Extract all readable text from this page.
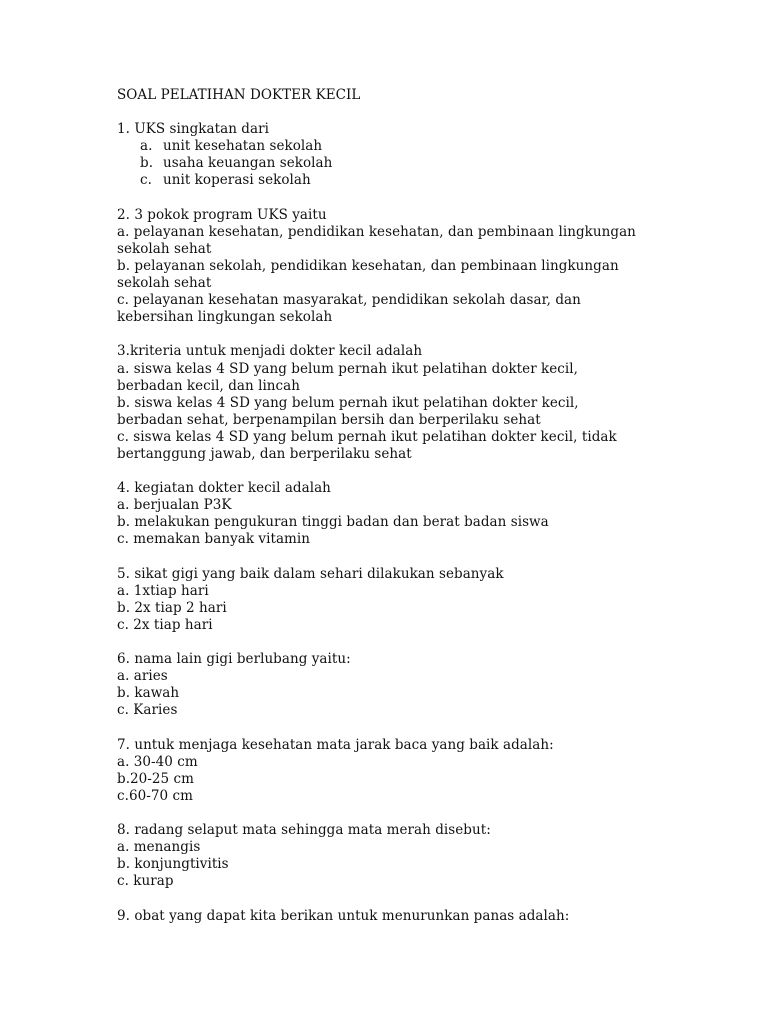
SOAL PELATIHAN DOKTER KECIL
1. UKS singkatan dari
a. unit kesehatan sekolah
b. usaha keuangan sekolah
c. unit koperasi sekolah
2. 3 pokok program UKS yaitu
a. pelayanan kesehatan, pendidikan kesehatan, dan pembinaan lingkungan sekolah sehat
b. pelayanan sekolah, pendidikan kesehatan, dan pembinaan lingkungan sekolah sehat
c. pelayanan kesehatan masyarakat, pendidikan sekolah dasar, dan kebersihan lingkungan sekolah
3.kriteria untuk menjadi dokter kecil adalah
a. siswa kelas 4 SD yang belum pernah ikut pelatihan dokter kecil, berbadan kecil, dan lincah
b. siswa kelas 4 SD yang belum pernah ikut pelatihan dokter kecil, berbadan sehat, berpenampilan bersih dan berperilaku sehat
c. siswa kelas 4 SD yang belum pernah ikut pelatihan dokter kecil, tidak bertanggung jawab, dan berperilaku sehat
4. kegiatan dokter kecil adalah
a. berjualan P3K
b. melakukan pengukuran tinggi badan dan berat badan siswa
c. memakan banyak vitamin
5. sikat gigi yang baik dalam sehari dilakukan sebanyak
a. 1xtiap hari
b. 2x tiap 2 hari
c. 2x tiap hari
6. nama lain gigi berlubang yaitu:
a. aries
b. kawah
c. Karies
7. untuk menjaga kesehatan mata jarak baca yang baik adalah:
a. 30-40 cm
b.20-25 cm
c.60-70 cm
8. radang selaput mata sehingga mata merah disebut:
a. menangis
b. konjungtivitis
c. kurap
9. obat yang dapat kita berikan untuk menurunkan panas adalah:
